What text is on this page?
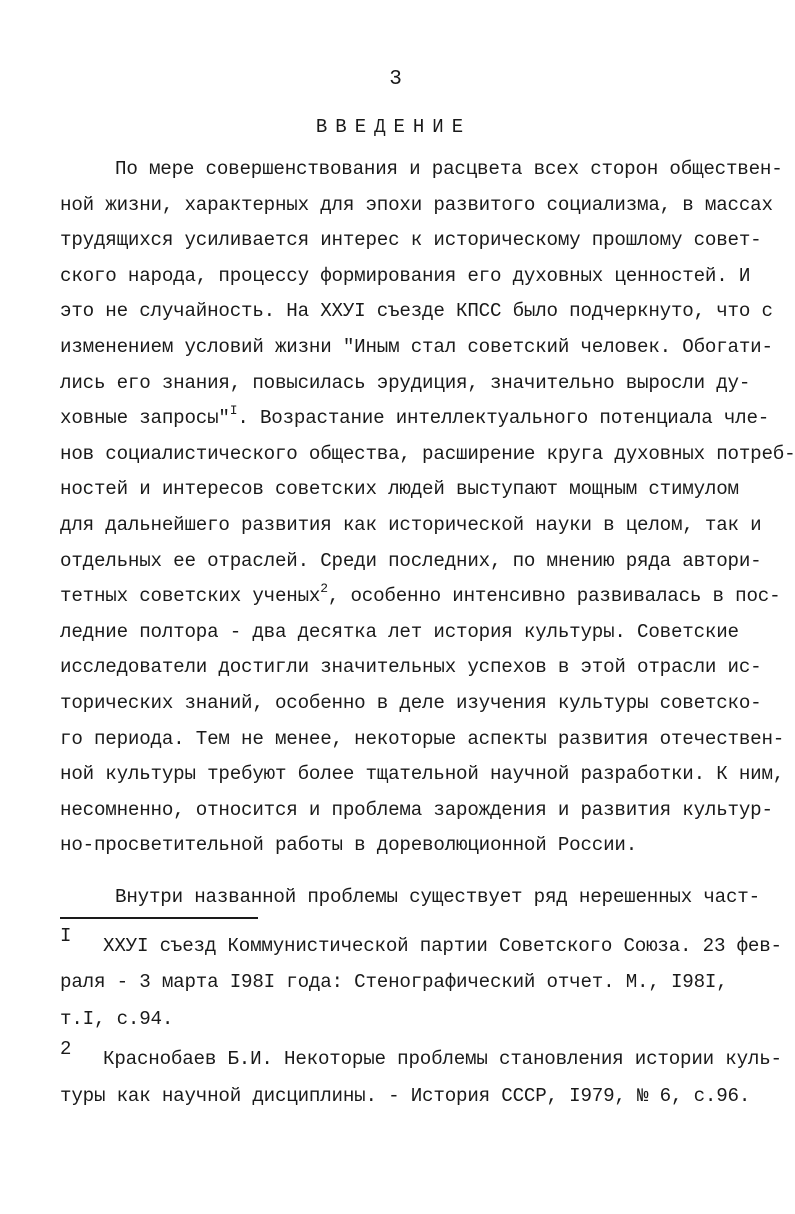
3
ВВЕДЕНИЕ
По мере совершенствования и расцвета всех сторон обществен-
ной жизни, характерных для эпохи развитого социализма, в массах
трудящихся усиливается интерес к историческому прошлому совет-
ского народа, процессу формирования его духовных ценностей. И
это не случайность. На ХХУI съезде КПСС было подчеркнуто, что с
изменением условий жизни "Иным стал советский человек. Обогати-
лись его знания, повысилась эрудиция, значительно выросли ду-
ховные запросы"$^I$. Возрастание интеллектуального потенциала чле-
нов социалистического общества, расширение круга духовных потреб-
ностей и интересов советских людей выступают мощным стимулом
для дальнейшего развития как исторической науки в целом, так и
отдельных ее отраслей. Среди последних, по мнению ряда автори-
тетных советских ученых$^2$, особенно интенсивно развивалась в пос-
ледние полтора - два десятка лет история культуры. Советские
исследователи достигли значительных успехов в этой отрасли ис-
торических знаний, особенно в деле изучения культуры советско-
го периода. Тем не менее, некоторые аспекты развития отечествен-
ной культуры требуют более тщательной научной разработки. К ним,
несомненно, относится и проблема зарождения и развития культур-
но-просветительной работы в дореволюционной России.
Внутри названной проблемы существует ряд нерешенных част-
I ХХУI съезд Коммунистической партии Советского Союза. 23 фев-
раля - 3 марта I98I года: Стенографический отчет. М., I98I,
т.I, с.94.
2 Краснобаев Б.И. Некоторые проблемы становления истории куль-
туры как научной дисциплины. - История СССР, I979, № 6, с.96.
